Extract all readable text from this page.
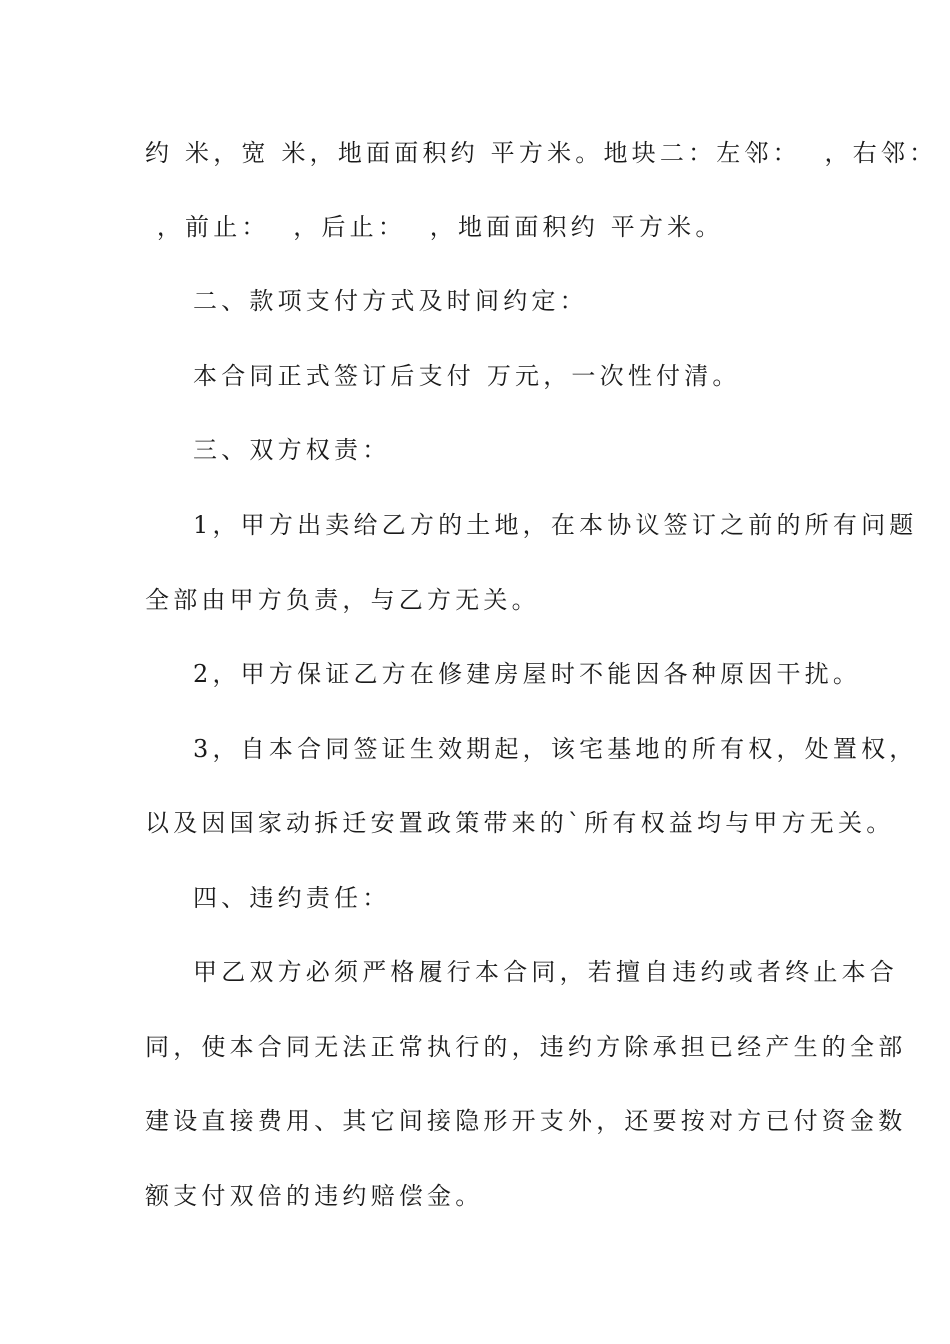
约 米，宽 米，地面面积约 平方米。地块二：左邻：  ，右邻：
，前止：  ，后止：  ，地面面积约 平方米。
二、款项支付方式及时间约定：
本合同正式签订后支付 万元，一次性付清。
三、双方权责：
1，甲方出卖给乙方的土地，在本协议签订之前的所有问题
全部由甲方负责，与乙方无关。
2，甲方保证乙方在修建房屋时不能因各种原因干扰。
3，自本合同签证生效期起，该宅基地的所有权，处置权，
以及因国家动拆迁安置政策带来的`所有权益均与甲方无关。
四、违约责任：
甲乙双方必须严格履行本合同，若擅自违约或者终止本合
同，使本合同无法正常执行的，违约方除承担已经产生的全部
建设直接费用、其它间接隐形开支外，还要按对方已付资金数
额支付双倍的违约赔偿金。
